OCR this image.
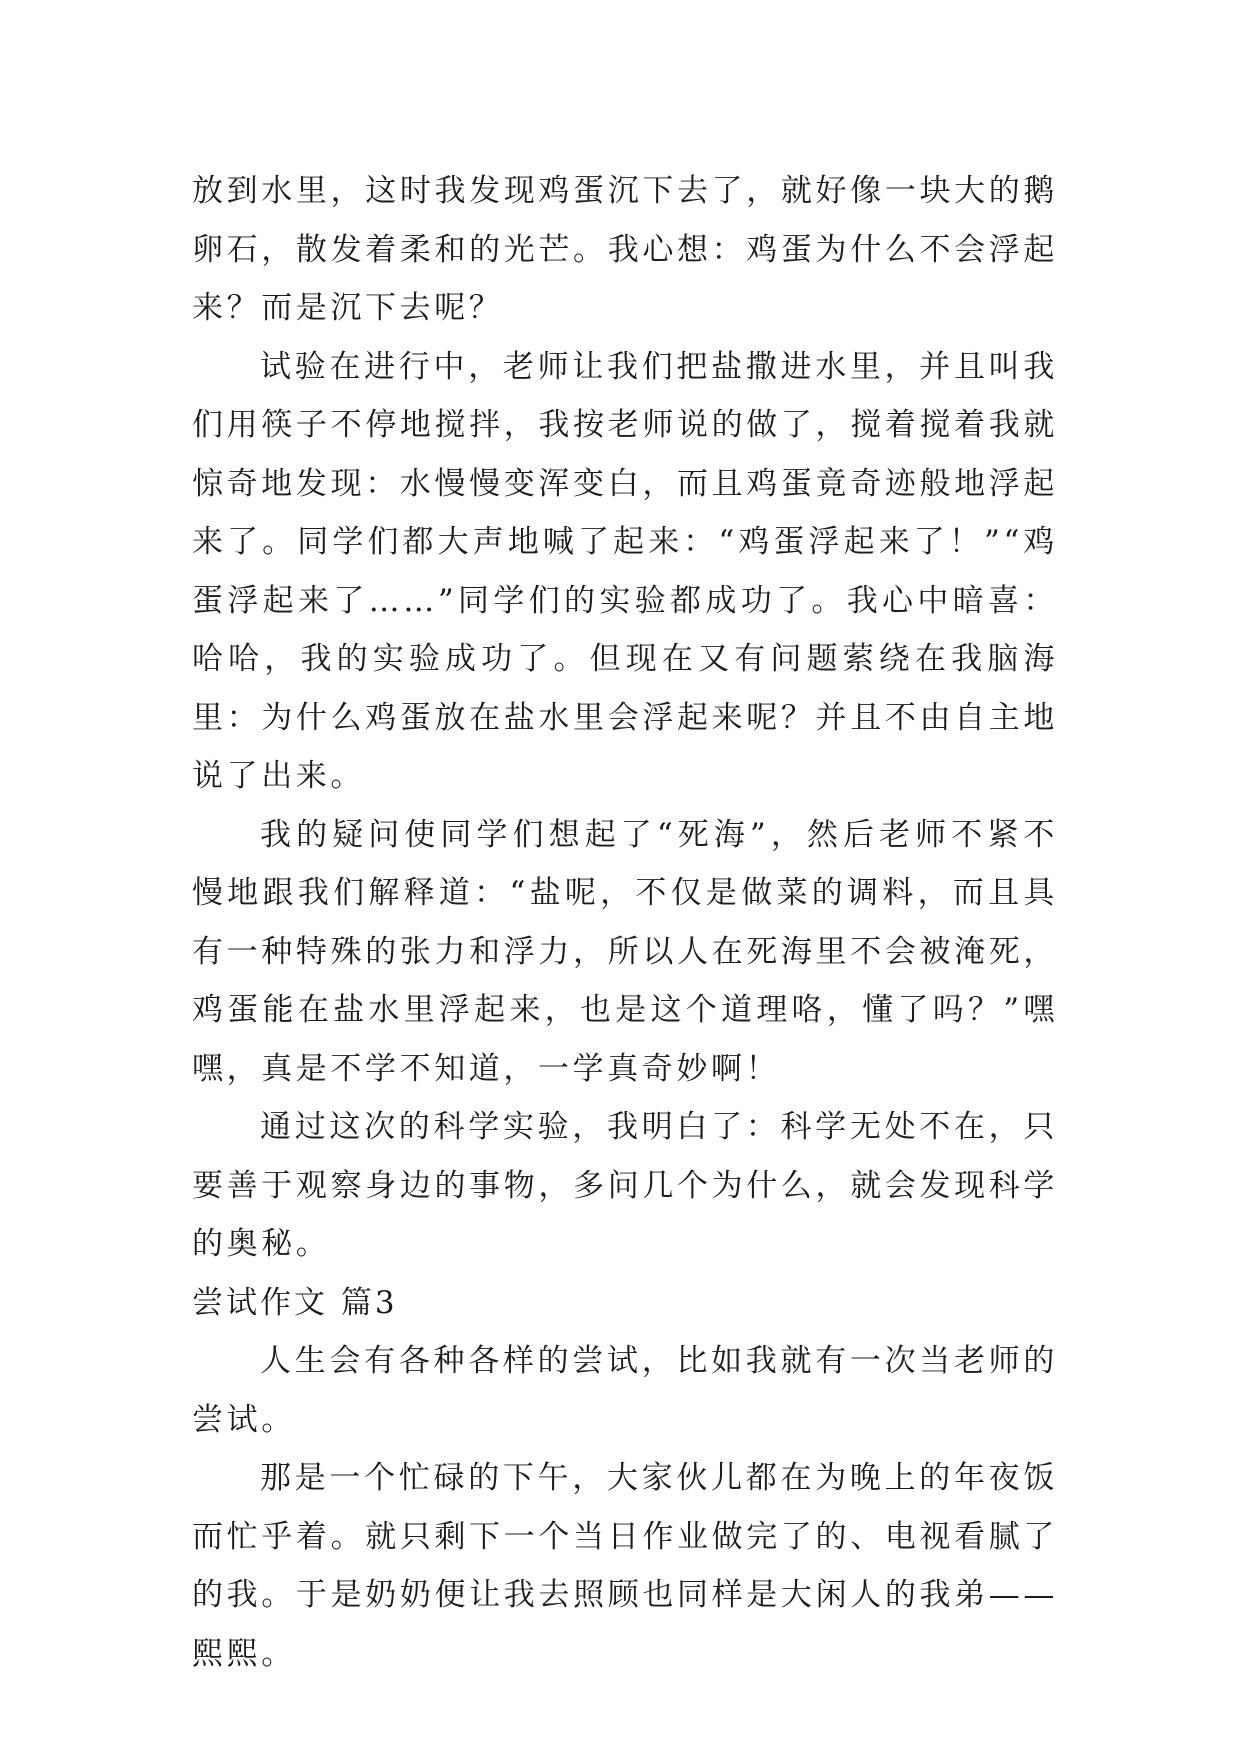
放到水里，这时我发现鸡蛋沉下去了，就好像一块大的鹅卵石，散发着柔和的光芒。我心想：鸡蛋为什么不会浮起来？而是沉下去呢？

试验在进行中，老师让我们把盐撒进水里，并且叫我们用筷子不停地搅拌，我按老师说的做了，搅着搅着我就惊奇地发现：水慢慢变浑变白，而且鸡蛋竟奇迹般地浮起来了。同学们都大声地喊了起来：“鸡蛋浮起来了！”“鸡蛋浮起来了……”同学们的实验都成功了。我心中暗喜：哈哈，我的实验成功了。但现在又有问题萦绕在我脑海里：为什么鸡蛋放在盐水里会浮起来呢？并且不由自主地说了出来。

我的疑问使同学们想起了“死海”，然后老师不紧不慢地跟我们解释道：“盐呢，不仅是做菜的调料，而且具有一种特殊的张力和浮力，所以人在死海里不会被淹死，鸡蛋能在盐水里浮起来，也是这个道理咯，懂了吗？”嘿嘿，真是不学不知道，一学真奇妙啊！

通过这次的科学实验，我明白了：科学无处不在，只要善于观察身边的事物，多问几个为什么，就会发现科学的奥秘。

尝试作文 篇3

人生会有各种各样的尝试，比如我就有一次当老师的尝试。

那是一个忙碌的下午，大家伙儿都在为晚上的年夜饭而忙乎着。就只剩下一个当日作业做完了的、电视看腻了的我。于是奶奶便让我去照顾也同样是大闲人的我弟——熙熙。
